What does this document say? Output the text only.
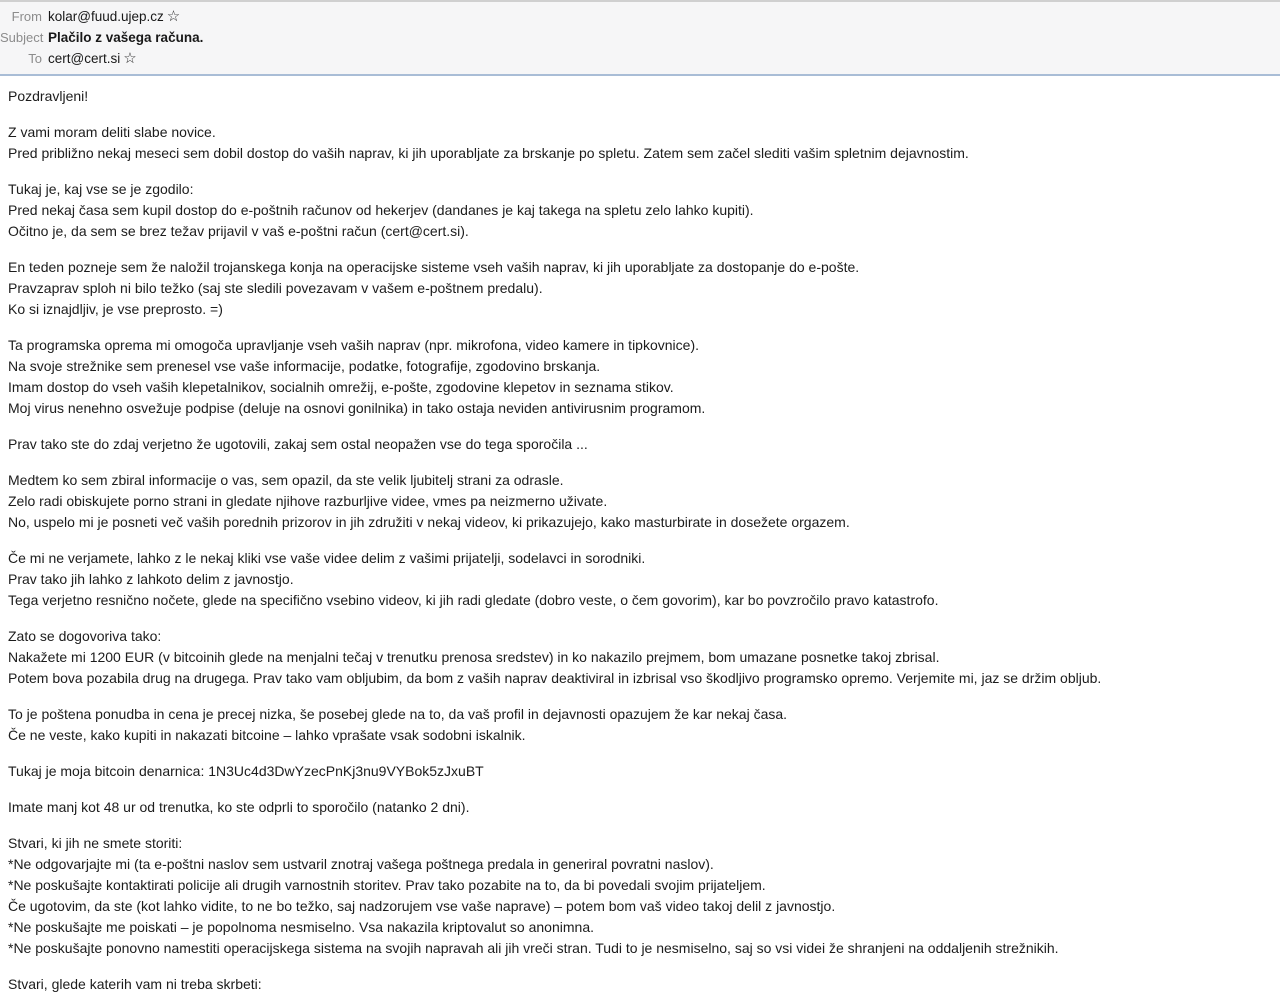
From kolar@fuud.ujep.cz ☆
Subject Plačilo z vašega računa.
To cert@cert.si ☆
Pozdravljeni!
Z vami moram deliti slabe novice.
Pred približno nekaj meseci sem dobil dostop do vaših naprav, ki jih uporabljate za brskanje po spletu. Zatem sem začel slediti vašim spletnim dejavnostim.
Tukaj je, kaj vse se je zgodilo:
Pred nekaj časa sem kupil dostop do e-poštnih računov od hekerjev (dandanes je kaj takega na spletu zelo lahko kupiti).
Očitno je, da sem se brez težav prijavil v vaš e-poštni račun (cert@cert.si).
En teden pozneje sem že naložil trojanskega konja na operacijske sisteme vseh vaših naprav, ki jih uporabljate za dostopanje do e-pošte.
Pravzaprav sploh ni bilo težko (saj ste sledili povezavam v vašem e-poštnem predalu).
Ko si iznajdljiv, je vse preprosto. =)
Ta programska oprema mi omogoča upravljanje vseh vaših naprav (npr. mikrofona, video kamere in tipkovnice).
Na svoje strežnike sem prenesel vse vaše informacije, podatke, fotografije, zgodovino brskanja.
Imam dostop do vseh vaših klepetalnikov, socialnih omrežij, e-pošte, zgodovine klepetov in seznama stikov.
Moj virus nenehno osvežuje podpise (deluje na osnovi gonilnika) in tako ostaja neviden antivirusnim programom.
Prav tako ste do zdaj verjetno že ugotovili, zakaj sem ostal neopažen vse do tega sporočila ...
Medtem ko sem zbiral informacije o vas, sem opazil, da ste velik ljubitelj strani za odrasle.
Zelo radi obiskujete porno strani in gledate njihove razburljive videe, vmes pa neizmerno uživate.
No, uspelo mi je posneti več vaših porednih prizorov in jih združiti v nekaj videov, ki prikazujejo, kako masturbirate in dosežete orgazem.
Če mi ne verjamete, lahko z le nekaj kliki vse vaše videe delim z vašimi prijatelji, sodelavci in sorodniki.
Prav tako jih lahko z lahkoto delim z javnostjo.
Tega verjetno resnično nočete, glede na specifično vsebino videov, ki jih radi gledate (dobro veste, o čem govorim), kar bo povzročilo pravo katastrofo.
Zato se dogovoriva tako:
Nakažete mi 1200 EUR (v bitcoinih glede na menjalni tečaj v trenutku prenosa sredstev) in ko nakazilo prejmem, bom umazane posnetke takoj zbrisal.
Potem bova pozabila drug na drugega. Prav tako vam obljubim, da bom z vaših naprav deaktiviral in izbrisal vso škodljivo programsko opremo. Verjemite mi, jaz se držim obljub.
To je poštena ponudba in cena je precej nizka, še posebej glede na to, da vaš profil in dejavnosti opazujem že kar nekaj časa.
Če ne veste, kako kupiti in nakazati bitcoine – lahko vprašate vsak sodobni iskalnik.
Tukaj je moja bitcoin denarnica: 1N3Uc4d3DwYzecPnKj3nu9VYBok5zJxuBT
Imate manj kot 48 ur od trenutka, ko ste odprli to sporočilo (natanko 2 dni).
Stvari, ki jih ne smete storiti:
*Ne odgovarjajte mi (ta e-poštni naslov sem ustvaril znotraj vašega poštnega predala in generiral povratni naslov).
*Ne poskušajte kontaktirati policije ali drugih varnostnih storitev. Prav tako pozabite na to, da bi povedali svojim prijateljem.
Če ugotovim, da ste (kot lahko vidite, to ne bo težko, saj nadzorujem vse vaše naprave) – potem bom vaš video takoj delil z javnostjo.
*Ne poskušajte me poiskati – je popolnoma nesmiselno. Vsa nakazila kriptovalut so anonimna.
*Ne poskušajte ponovno namestiti operacijskega sistema na svojih napravah ali jih vreči stran. Tudi to je nesmiselno, saj so vsi videi že shranjeni na oddaljenih strežnikih.
Stvari, glede katerih vam ni treba skrbeti:
